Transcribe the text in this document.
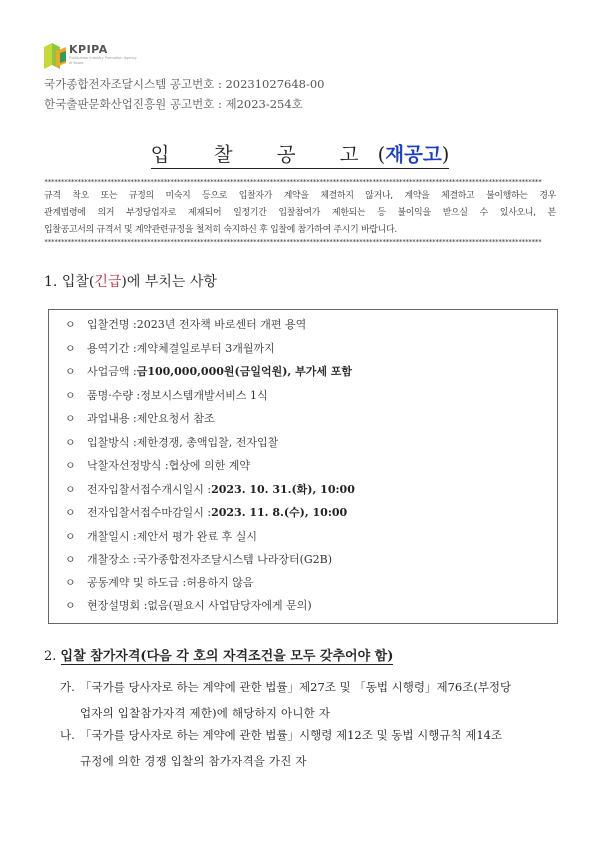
KPIPA
Publication Industry Promotion Agency of Korea
국가종합전자조달시스템 공고번호 : 20231027648-00
한국출판문화산업진흥원 공고번호 : 제2023-254호
입 찰 공 고(재공고)
******************************************************************************************************************************************************
규격 착오 또는 규정의 미숙지 등으로 입찰자가 계약을 체결하지 않거나, 계약을 체결하고 불이행하는 경우
관계법령에 의거 부정당업자로 제재되어 일정기간 입찰참여가 제한되는 등 불이익을 받으실 수 있사오니, 본
입찰공고서의 규격서 및 계약관련규정을 철저히 숙지하신 후 입찰에 참가하여 주시기 바랍니다.
******************************************************************************************************************************************************
1. 입찰(긴급)에 부치는 사항
ㅇ	입찰건명 : 2023년 전자책 바로센터 개편 용역
ㅇ	용역기간 : 계약체결일로부터 3개월까지
ㅇ	사업금액 : 금100,000,000원(금일억원), 부가세 포함
ㅇ	품명·수량 : 정보시스템개발서비스 1식
ㅇ	과업내용 : 제안요청서 참조
ㅇ	입찰방식 : 제한경쟁, 총액입찰, 전자입찰
ㅇ	낙찰자선정방식 : 협상에 의한 계약
ㅇ	전자입찰서접수개시일시 : 2023. 10. 31.(화), 10:00
ㅇ	전자입찰서접수마감일시 : 2023. 11. 8.(수), 10:00
ㅇ	개찰일시 : 제안서 평가 완료 후 실시
ㅇ	개찰장소 : 국가종합전자조달시스템 나라장터(G2B)
ㅇ	공동계약 및 하도급 : 허용하지 않음
ㅇ	현장설명회 : 없음(필요시 사업담당자에게 문의)
2. 입찰 참가자격(다음 각 호의 자격조건을 모두 갖추어야 함)
가. 「국가를 당사자로 하는 계약에 관한 법률」제27조 및 「동법 시행령」제76조(부정당
업자의 입찰참가자격 제한)에 해당하지 아니한 자
나. 「국가를 당사자로 하는 계약에 관한 법률」시행령 제12조 및 동법 시행규칙 제14조
규정에 의한 경쟁 입찰의 참가자격을 가진 자
